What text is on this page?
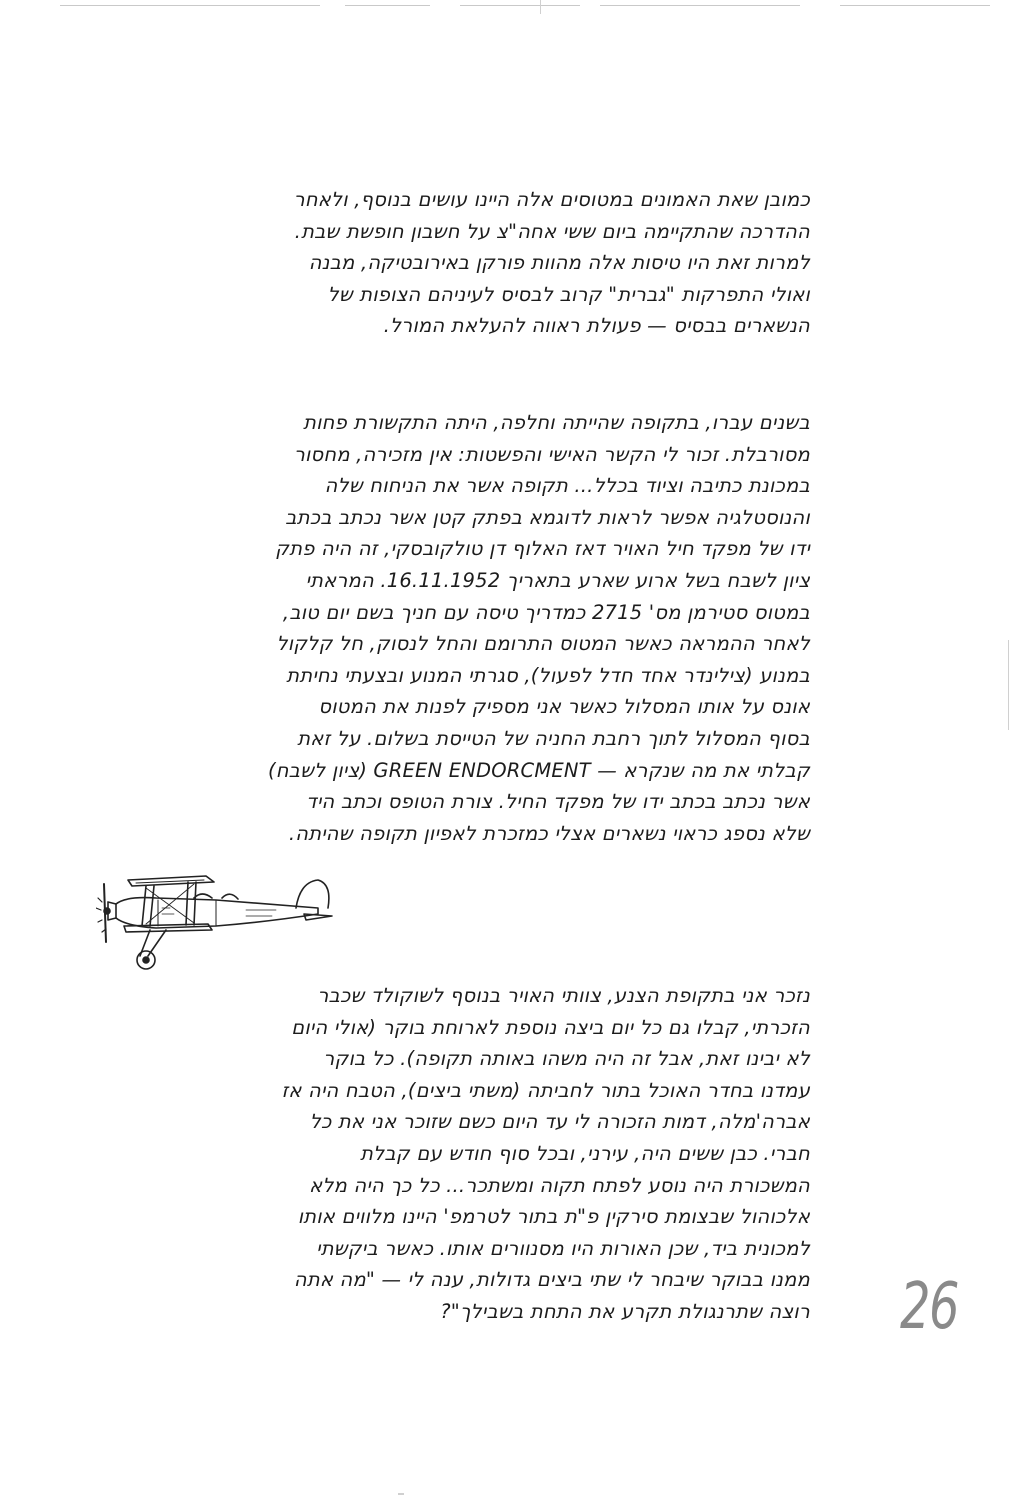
כמובן שאת האמונים במטוסים אלה היינו עושים בנוסף, ולאחר
ההדרכה שהתקיימה ביום ששי אחה"צ על חשבון חופשת שבת.
למרות זאת היו טיסות אלה מהוות פורקן באירובטיקה, מבנה
ואולי התפרקות "גברית" קרוב לבסיס לעיניהם הצופות של
הנשארים בבסיס — פעולת ראווה להעלאת המורל.
בשנים עברו, בתקופה שהייתה וחלפה, היתה התקשורת פחות
מסורבלת. זכור לי הקשר האישי והפשטות: אין מזכירה, מחסור
במכונת כתיבה וציוד בכלל... תקופה אשר את הניחוח שלה
והנוסטלגיה אפשר לראות לדוגמא בפתק קטן אשר נכתב בכתב
ידו של מפקד חיל האויר דאז האלוף דן טולקובסקי, זה היה פתק
ציון לשבח בשל ארוע שארע בתאריך 16.11.1952. המראתי
במטוס סטירמן מס' 2715 כמדריך טיסה עם חניך בשם יום טוב,
לאחר ההמראה כאשר המטוס התרומם והחל לנסוק, חל קלקול
במנוע (צילינדר אחד חדל לפעול), סגרתי המנוע ובצעתי נחיתת
אונס על אותו המסלול כאשר אני מספיק לפנות את המטוס
בסוף המסלול לתוך רחבת החניה של הטייסת בשלום. על זאת
קבלתי את מה שנקרא — GREEN ENDORCMENT (ציון לשבח)
אשר נכתב בכתב ידו של מפקד החיל. צורת הטופס וכתב היד
שלא נספג כראוי נשארים אצלי כמזכרת לאפיון תקופה שהיתה.
נזכר אני בתקופת הצנע, צוותי האויר בנוסף לשוקולד שכבר
הזכרתי, קבלו גם כל יום ביצה נוספת לארוחת בוקר (אולי היום
לא יבינו זאת, אבל זה היה משהו באותה תקופה). כל בוקר
עמדנו בחדר האוכל בתור לחביתה (משתי ביצים), הטבח היה אז
אברה'מלה, דמות הזכורה לי עד היום כשם שזוכר אני את כל
חברי. כבן ששים היה, עירני, ובכל סוף חודש עם קבלת
המשכורת היה נוסע לפתח תקוה ומשתכר... כל כך היה מלא
אלכוהול שבצומת סירקין פ"ת בתור לטרמפ' היינו מלווים אותו
למכונית ביד, שכן האורות היו מסנוורים אותו. כאשר ביקשתי
ממנו בבוקר שיבחר לי שתי ביצים גדולות, ענה לי — "מה אתה
רוצה שתרנגולת תקרע את התחת בשבילך"? 26
